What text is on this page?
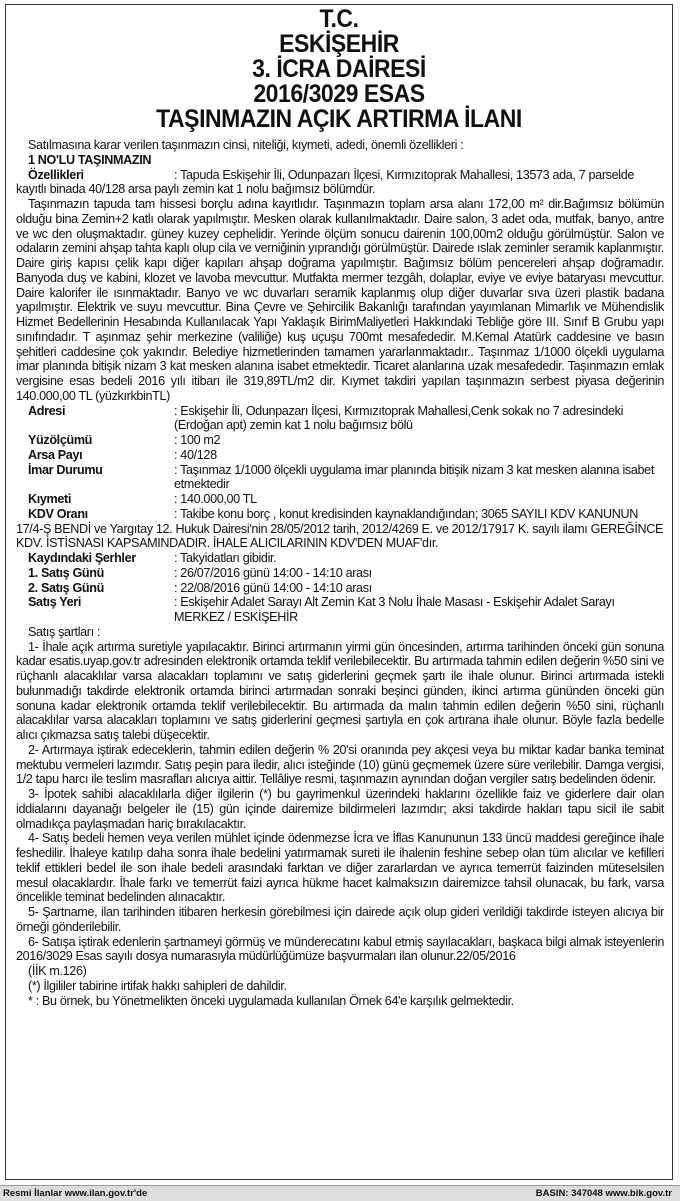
T.C.
ESKİŞEHİR
3. İCRA DAİRESİ
2016/3029 ESAS
TAŞINMAZIN AÇIK ARTIRMA İLANI

Satılmasına karar verilen taşınmazın cinsi, niteliği, kıymeti, adedi, önemli özellikleri :

1 NO'LU TAŞINMAZIN

Özellikleri	: Tapuda Eskişehir İli, Odunpazarı İlçesi, Kırmızıtoprak Mahallesi, 13573 ada, 7 parselde kayıtlı binada 40/128 arsa paylı zemin kat 1 nolu bağımsız bölümdür.

Taşınmazın tapuda tam hissesi borçlu adına kayıtlıdır. Taşınmazın toplam arsa alanı 172,00 m² dir.Bağımsız bölümün olduğu bina Zemin+2 katlı olarak yapılmıştır. Mesken olarak kullanılmaktadır. Daire salon, 3 adet oda, mutfak, banyo, antre ve wc den oluşmaktadır. güney kuzey cephelidir. Yerinde ölçüm sonucu dairenin 100,00m2 olduğu görülmüştür. Salon ve odaların zemini ahşap tahta kaplı olup cila ve verniğinin yıprandığı görülmüştür. Dairede ıslak zeminler seramik kaplanmıştır. Daire giriş kapısı çelik kapı diğer kapıları ahşap doğrama yapılmıştır. Bağımsız bölüm pencereleri ahşap doğramadır. Banyoda duş ve kabini, klozet ve lavoba mevcuttur. Mutfakta mermer tezgâh, dolaplar, eviye ve eviye bataryası mevcuttur. Daire kalorifer ile ısınmaktadır. Banyo ve wc duvarları seramik kaplanmış olup diğer duvarlar sıva üzeri plastik badana yapılmıştır. Elektrik ve suyu mevcuttur. Bina Çevre ve Şehircilik Bakanlığı tarafından yayımlanan Mimarlık ve Mühendislik Hizmet Bedellerinin Hesabında Kullanılacak Yapı Yaklaşık BirimMaliyetleri Hakkındaki Tebliğe göre III. Sınıf B Grubu yapı sınıfındadır. T aşınmaz şehir merkezine (valiliğe) kuş uçuşu 700mt mesafededir. M.Kemal Atatürk caddesine ve basın şehitleri caddesine çok yakındır. Belediye hizmetlerinden tamamen yararlanmaktadır.. Taşınmaz 1/1000 ölçekli uygulama imar planında bitişik nizam 3 kat mesken alanına isabet etmektedir. Ticaret alanlarına uzak mesafededir. Taşınmazın emlak vergisine esas bedeli 2016 yılı itibarı ile 319,89TL/m2 dir. Kıymet takdiri yapılan taşınmazın serbest piyasa değerinin 140.000,00 TL (yüzkırkbinTL)

Adresi	: Eskişehir İli, Odunpazarı İlçesi, Kırmızıtoprak Mahallesi,Cenk sokak no 7 adresindeki (Erdoğan apt) zemin kat 1 nolu bağımsız bölü
Yüzölçümü	: 100 m2
Arsa Payı	: 40/128
İmar Durumu	: Taşınmaz 1/1000 ölçekli uygulama imar planında bitişik nizam 3 kat mesken alanına isabet etmektedir
Kıymeti	: 140.000,00 TL

KDV Oranı	: Takibe konu borç , konut kredisinden kaynaklandığından; 3065 SAYILI KDV KANUNUN 17/4-Ş BENDİ ve Yargıtay 12. Hukuk Dairesi'nin 28/05/2012 tarih, 2012/4269 E. ve 2012/17917 K. sayılı ilamı GEREĞİNCE KDV. İSTİSNASI KAPSAMINDADIR. İHALE ALICILARININ KDV'DEN MUAF'dır.

Kaydındaki Şerhler	: Takyidatları gibidir.
1. Satış Günü	: 26/07/2016 günü 14:00 - 14:10 arası
2. Satış Günü	: 22/08/2016 günü 14:00 - 14:10 arası
Satış Yeri	: Eskişehir Adalet Sarayı Alt Zemin Kat 3 Nolu İhale Masası - Eskişehir Adalet Sarayı MERKEZ / ESKİŞEHİR

Satış şartları :

1- İhale açık artırma suretiyle yapılacaktır. Birinci artırmanın yirmi gün öncesinden, artırma tarihinden önceki gün sonuna kadar esatis.uyap.gov.tr adresinden elektronik ortamda teklif verilebilecektir. Bu artırmada tahmin edilen değerin %50 sini ve rüçhanlı alacaklılar varsa alacakları toplamını ve satış giderlerini geçmek şartı ile ihale olunur. Birinci artırmada istekli bulunmadığı takdirde elektronik ortamda birinci artırmadan sonraki beşinci günden, ikinci artırma gününden önceki gün sonuna kadar elektronik ortamda teklif verilebilecektir. Bu artırmada da malın tahmin edilen değerin %50 sini, rüçhanlı alacaklılar varsa alacakları toplamını ve satış giderlerini geçmesi şartıyla en çok artırana ihale olunur. Böyle fazla bedelle alıcı çıkmazsa satış talebi düşecektir.

2- Artırmaya iştirak edeceklerin, tahmin edilen değerin % 20'si oranında pey akçesi veya bu miktar kadar banka teminat mektubu vermeleri lazımdır. Satış peşin para iledir, alıcı isteğinde (10) günü geçmemek üzere süre verilebilir. Damga vergisi, 1/2 tapu harcı ile teslim masrafları alıcıya aittir. Tellâliye resmi, taşınmazın aynından doğan vergiler satış bedelinden ödenir.

3- İpotek sahibi alacaklılarla diğer ilgilerin (*) bu gayrimenkul üzerindeki haklarını özellikle faiz ve giderlere dair olan iddialarını dayanağı belgeler ile (15) gün içinde dairemize bildirmeleri lazımdır; aksi takdirde hakları tapu sicil ile sabit olmadıkça paylaşmadan hariç bırakılacaktır.

4- Satış bedeli hemen veya verilen mühlet içinde ödenmezse İcra ve İflas Kanununun 133 üncü maddesi gereğince ihale feshedilir. İhaleye katılıp daha sonra ihale bedelini yatırmamak sureti ile ihalenin feshine sebep olan tüm alıcılar ve kefilleri teklif ettikleri bedel ile son ihale bedeli arasındaki farktan ve diğer zararlardan ve ayrıca temerrüt faizinden müteselsilen mesul olacaklardır. İhale farkı ve temerrüt faizi ayrıca hükme hacet kalmaksızın dairemizce tahsil olunacak, bu fark, varsa öncelikle teminat bedelinden alınacaktır.

5- Şartname, ilan tarihinden itibaren herkesin görebilmesi için dairede açık olup gideri verildiği takdirde isteyen alıcıya bir örneği gönderilebilir.

6- Satışa iştirak edenlerin şartnameyi görmüş ve münderecatını kabul etmiş sayılacakları, başkaca bilgi almak isteyenlerin 2016/3029 Esas sayılı dosya numarasıyla müdürlüğümüze başvurmaları ilan olunur.22/05/2016

(İİK m.126)

(*) İlgililer tabirine irtifak hakkı sahipleri de dahildir.

* : Bu örnek, bu Yönetmelikten önceki uygulamada kullanılan Örnek 64'e karşılık gelmektedir.

Resmi İlanlar www.ilan.gov.tr'de	BASIN: 347048 www.bik.gov.tr
